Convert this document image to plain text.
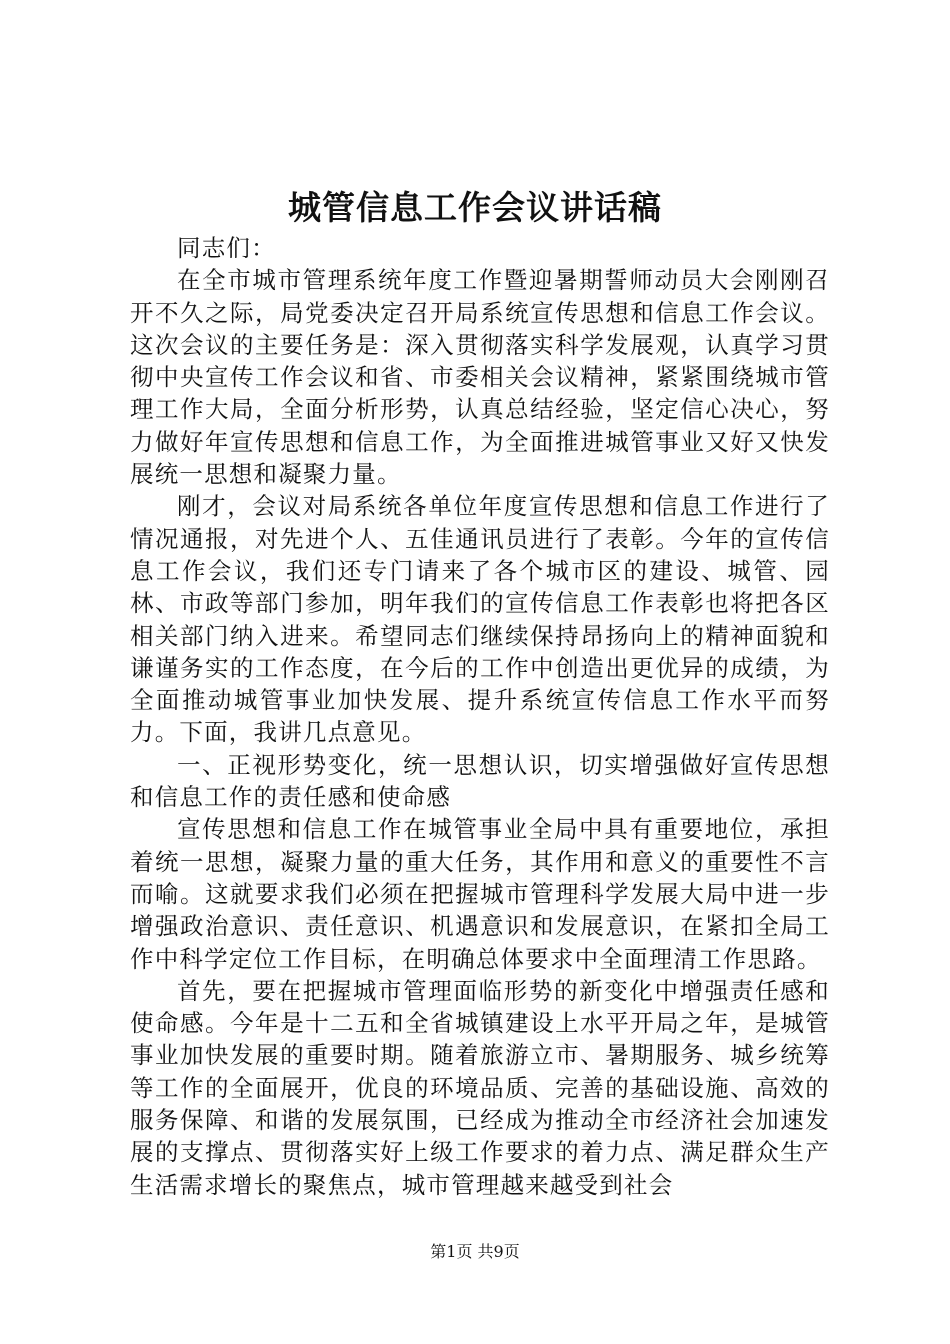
城管信息工作会议讲话稿

同志们：

在全市城市管理系统年度工作暨迎暑期誓师动员大会刚刚召开不久之际，局党委决定召开局系统宣传思想和信息工作会议。这次会议的主要任务是：深入贯彻落实科学发展观，认真学习贯彻中央宣传工作会议和省、市委相关会议精神，紧紧围绕城市管理工作大局，全面分析形势，认真总结经验，坚定信心决心，努力做好年宣传思想和信息工作，为全面推进城管事业又好又快发展统一思想和凝聚力量。

刚才，会议对局系统各单位年度宣传思想和信息工作进行了情况通报，对先进个人、五佳通讯员进行了表彰。今年的宣传信息工作会议，我们还专门请来了各个城市区的建设、城管、园林、市政等部门参加，明年我们的宣传信息工作表彰也将把各区相关部门纳入进来。希望同志们继续保持昂扬向上的精神面貌和谦谨务实的工作态度，在今后的工作中创造出更优异的成绩，为全面推动城管事业加快发展、提升系统宣传信息工作水平而努力。下面，我讲几点意见。

一、正视形势变化，统一思想认识，切实增强做好宣传思想和信息工作的责任感和使命感

宣传思想和信息工作在城管事业全局中具有重要地位，承担着统一思想，凝聚力量的重大任务，其作用和意义的重要性不言而喻。这就要求我们必须在把握城市管理科学发展大局中进一步增强政治意识、责任意识、机遇意识和发展意识，在紧扣全局工作中科学定位工作目标，在明确总体要求中全面理清工作思路。

首先，要在把握城市管理面临形势的新变化中增强责任感和使命感。今年是十二五和全省城镇建设上水平开局之年，是城管事业加快发展的重要时期。随着旅游立市、暑期服务、城乡统筹等工作的全面展开，优良的环境品质、完善的基础设施、高效的服务保障、和谐的发展氛围，已经成为推动全市经济社会加速发展的支撑点、贯彻落实好上级工作要求的着力点、满足群众生产生活需求增长的聚焦点，城市管理越来越受到社会

第1页 共9页
